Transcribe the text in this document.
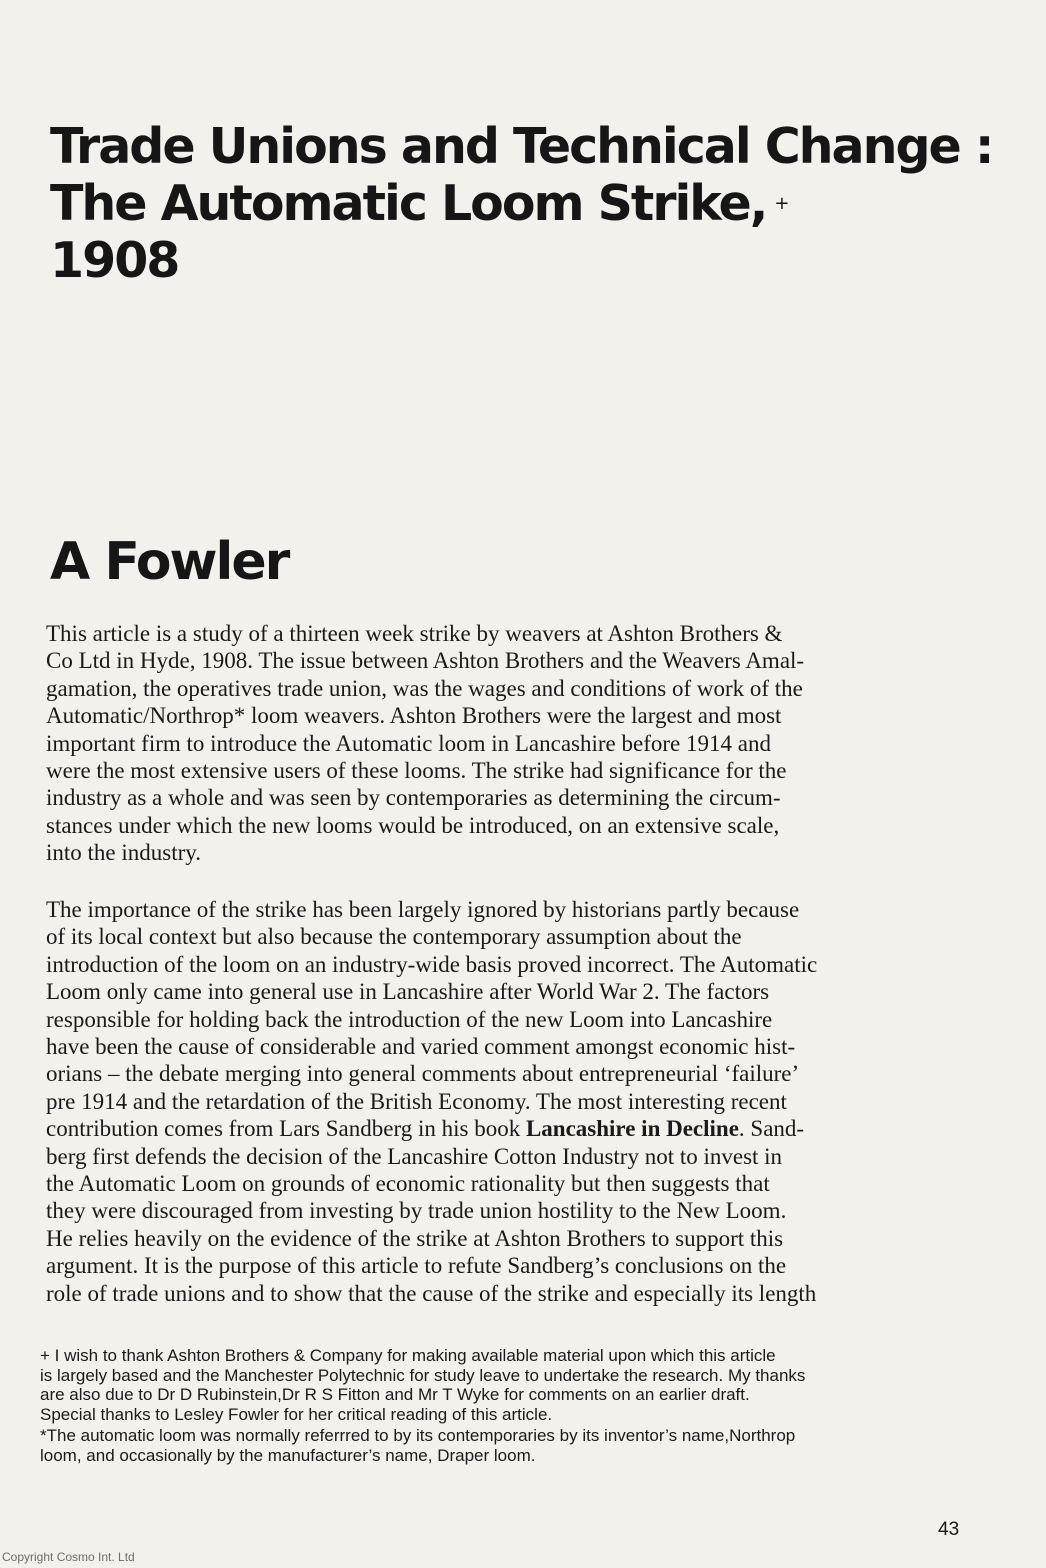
Trade Unions and Technical Change :
The Automatic Loom Strike, +
1908
A Fowler
This article is a study of a thirteen week strike by weavers at Ashton Brothers &
Co Ltd in Hyde, 1908. The issue between Ashton Brothers and the Weavers Amal-
gamation, the operatives trade union, was the wages and conditions of work of the
Automatic/Northrop* loom weavers. Ashton Brothers were the largest and most
important firm to introduce the Automatic loom in Lancashire before 1914 and
were the most extensive users of these looms. The strike had significance for the
industry as a whole and was seen by contemporaries as determining the circum-
stances under which the new looms would be introduced, on an extensive scale,
into the industry.
The importance of the strike has been largely ignored by historians partly because
of its local context but also because the contemporary assumption about the
introduction of the loom on an industry-wide basis proved incorrect. The Automatic
Loom only came into general use in Lancashire after World War 2. The factors
responsible for holding back the introduction of the new Loom into Lancashire
have been the cause of considerable and varied comment amongst economic hist-
orians – the debate merging into general comments about entrepreneurial ‘failure’
pre 1914 and the retardation of the British Economy. The most interesting recent
contribution comes from Lars Sandberg in his book Lancashire in Decline. Sand-
berg first defends the decision of the Lancashire Cotton Industry not to invest in
the Automatic Loom on grounds of economic rationality but then suggests that
they were discouraged from investing by trade union hostility to the New Loom.
He relies heavily on the evidence of the strike at Ashton Brothers to support this
argument. It is the purpose of this article to refute Sandberg’s conclusions on the
role of trade unions and to show that the cause of the strike and especially its length
+ I wish to thank Ashton Brothers & Company for making available material upon which this article
is largely based and the Manchester Polytechnic for study leave to undertake the research. My thanks
are also due to Dr D Rubinstein,Dr R S Fitton and Mr T Wyke for comments on an earlier draft.
Special thanks to Lesley Fowler for her critical reading of this article.
*The automatic loom was normally referrred to by its contemporaries by its inventor’s name,Northrop
loom, and occasionally by the manufacturer’s name, Draper loom.
43
Copyright Cosmo Int. Ltd
